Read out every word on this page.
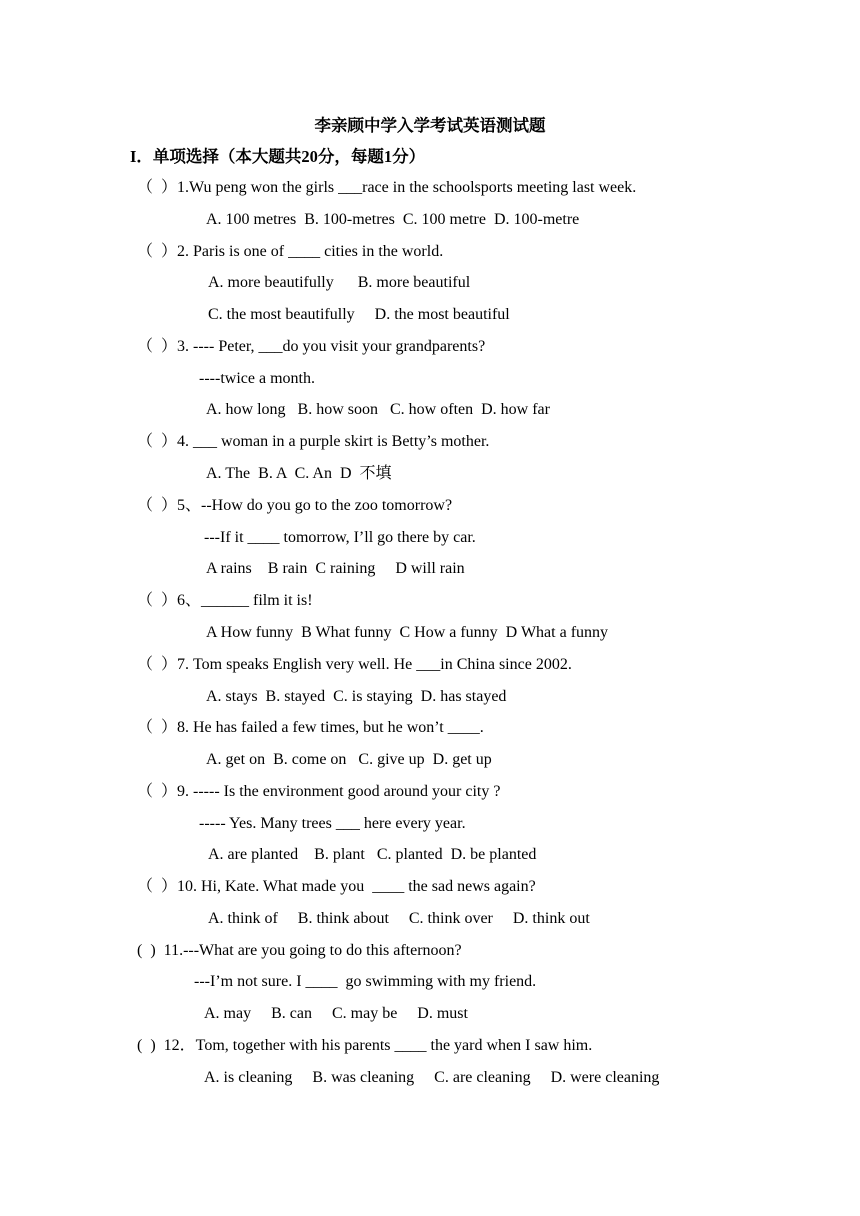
李亲顾中学入学考试英语测试题
I．单项选择（本大题共20分，每题1分）
（  ）1.Wu peng won the girls ___race in the schoolsports meeting last week.
A. 100 metres  B. 100-metres  C. 100 metre  D. 100-metre
（  ）2. Paris is one of ____ cities in the world.
A. more beautifully      B. more beautiful
C. the most beautifully     D. the most beautiful
（  ）3. ---- Peter, ___do you visit your grandparents?
----twice a month.
A. how long   B. how soon   C. how often  D. how far
（  ）4. ___ woman in a purple skirt is Betty’s mother.
A. The  B. A  C. An  D  不填
（  ）5、--How do you go to the zoo tomorrow?
---If it ____ tomorrow, I’ll go there by car.
A rains    B rain  C raining     D will rain
（  ）6、______ film it is!
A How funny  B What funny  C How a funny  D What a funny
（  ）7. Tom speaks English very well. He ___in China since 2002.
A. stays  B. stayed  C. is staying  D. has stayed
（  ）8. He has failed a few times, but he won’t ____.
A. get on  B. come on   C. give up  D. get up
（  ）9. ----- Is the environment good around your city ?
----- Yes. Many trees ___ here every year.
A. are planted    B. plant   C. planted  D. be planted
（  ）10. Hi, Kate. What made you  ____ the sad news again?
A. think of     B. think about     C. think over     D. think out
(  )  11.---What are you going to do this afternoon?
---I’m not sure. I ____  go swimming with my friend.
A. may     B. can     C. may be     D. must
(  )  12．Tom, together with his parents ____ the yard when I saw him.
A. is cleaning     B. was cleaning     C. are cleaning     D. were cleaning
